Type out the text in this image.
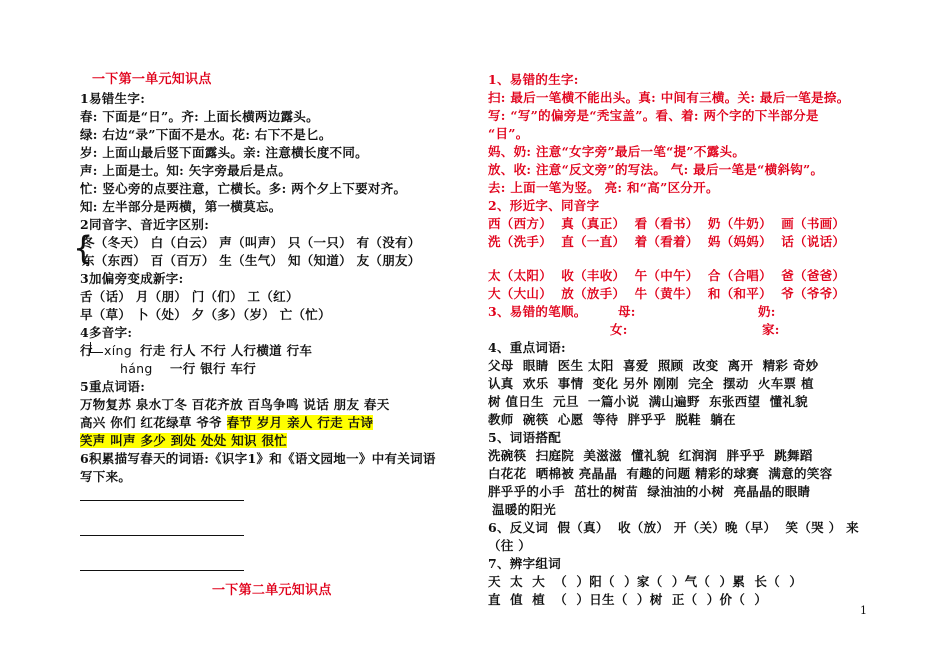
一下第一单元知识点
1易错生字:
春: 下面是“日”。齐: 上面长横两边露头。
绿: 右边“录”下面不是水。花: 右下不是匕。
岁: 上面山最后竖下面露头。亲: 注意横长度不同。
声: 上面是士。知: 矢字旁最后是点。
忙: 竖心旁的点要注意，亡横长。多: 两个夕上下要对齐。
知: 左半部分是两横，第一横莫忘。
2同音字、音近字区别:
{
冬（冬天） 白（白云） 声（叫声） 只（一只） 有（没有）
东（东西） 百（百万） 生（生气） 知（知道） 友（朋友）
3加偏旁变成新字:
舌（话） 月（朋） 门（们） 工（红）
早（草） 卜（处） 夕（多）（岁） 亡（忙）
4多音字:
行 xíng 行走 行人 不行 人行横道 行车
háng 一行 银行 车行
5重点词语:
万物复苏 泉水丁冬 百花齐放 百鸟争鸣 说话 朋友 春天
高兴 你们 红花绿草 爷爷 春节 岁月 亲人 行走 古诗
笑声 叫声 多少 到处 处处 知识 很忙
6积累描写春天的词语:《识字1》和《语文园地一》中有关词语
写下来。
一下第二单元知识点
1、易错的生字:
扫: 最后一笔横不能出头。真: 中间有三横。关: 最后一笔是捺。
写: “写”的偏旁是“秃宝盖”。看、着: 两个字的下半部分是
“目”。
妈、奶: 注意“女字旁”最后一笔“提”不露头。
放、收: 注意“反文旁”的写法。 气: 最后一笔是“横斜钩”。
去: 上面一笔为竖。 亮: 和“高”区分开。
2、形近字、同音字
西（西方）  真（真正）  看（看书）  奶（牛奶）  画（书画）
洗（洗手）  直（一直）  着（看着）  妈（妈妈）  话（说话）
太（太阳）  收（丰收）  午（中午）  合（合唱）  爸（爸爸）
大（大山）  放（放手）  牛（黄牛）  和（和平）  爷（爷爷）
3、易错的笔顺。	母:	奶:
女:	家:
4、重点词语:
父母  眼睛  医生 太阳  喜爱  照顾  改变  离开  精彩 奇妙
认真  欢乐  事情  变化 另外 刚刚  完全  摆动  火车票 植
树 值日生  元旦  一篇小说  满山遍野  东张西望  懂礼貌
教师  碗筷  心愿  等待  胖乎乎  脱鞋  躺在
5、词语搭配
洗碗筷  扫庭院  美滋滋  懂礼貌  红润润  胖乎乎  跳舞蹈
白花花  晒棉被 亮晶晶  有趣的问题 精彩的球赛  满意的笑容
胖乎乎的小手  茁壮的树苗  绿油油的小树  亮晶晶的眼睛
温暖的阳光
6、反义词  假（真）  收（放） 开（关）晚（早）  笑（哭 ） 来
（往 ）
7、辨字组词
天  太  大  （  ）阳（  ）家（  ）气（  ）累  长（  ）
直  值  植  （  ）日生（  ）树  正（  ）价（  ）
1
